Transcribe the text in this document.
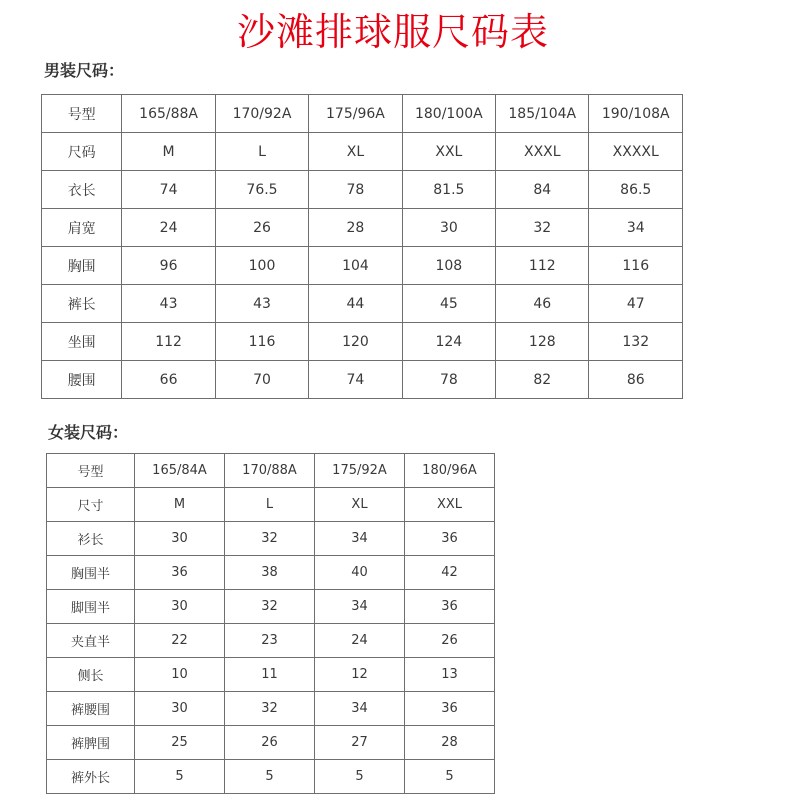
沙滩排球服尺码表
男装尺码：
号型	165/88A	170/92A	175/96A	180/100A	185/104A	190/108A
尺码	M	L	XL	XXL	XXXL	XXXXL
衣长	74	76.5	78	81.5	84	86.5
肩宽	24	26	28	30	32	34
胸围	96	100	104	108	112	116
裤长	43	43	44	45	46	47
坐围	112	116	120	124	128	132
腰围	66	70	74	78	82	86
女装尺码：
号型	165/84A	170/88A	175/92A	180/96A
尺寸	M	L	XL	XXL
衫长	30	32	34	36
胸围半	36	38	40	42
脚围半	30	32	34	36
夹直半	22	23	24	26
侧长	10	11	12	13
裤腰围	30	32	34	36
裤脾围	25	26	27	28
裤外长	5	5	5	5
